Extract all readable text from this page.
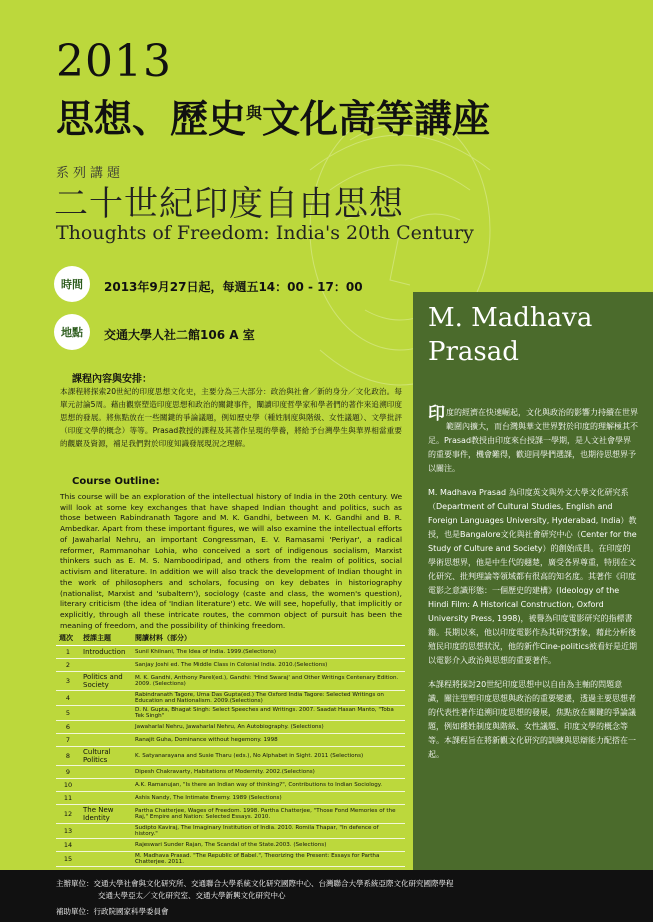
2013
思想、歷史$^與$文化高等講座
系列講題
二十世紀印度自由思想
Thoughts of Freedom: India's 20th Century
時間	2013年9月27日起，每週五14：00 - 17：00
地點	交通大學人社二館106 A 室
課程內容與安排：
本課程將探索20世紀的印度思想文化史，主要分為三大部分：政治與社會／新的身分／文化政治。每單元討論5周。藉由觀察塑造印度思想和政治的關鍵事件，闡讀印度哲學家和學者們的著作來追溯印度思想的發展。將焦點放在一些關鍵的爭論議題，例如歷史學（種姓制度與階級、女性議題）、文學批評（印度文學的概念）等等。Prasad教授的課程及其著作呈現的學養，將給予台灣學生與華界相當重要的觀嚴及資源，補足我們對於印度知識發展現況之理解。
Course Outline:
This course will be an exploration of the intellectual history of India in the 20th century. We will look at some key exchanges that have shaped Indian thought and politics, such as those between Rabindranath Tagore and M. K. Gandhi, between M. K. Gandhi and B. R. Ambedkar. Apart from these important figures, we will also examine the intellectual efforts of Jawaharlal Nehru, an important Congressman, E. V. Ramasami 'Periyar', a radical reformer, Rammanohar Lohia, who conceived a sort of indigenous socialism, Marxist thinkers such as E. M. S. Namboodiripad, and others from the realm of politics, social activism and literature. In addition we will also track the development of Indian thought in the work of philosophers and scholars, focusing on key debates in historiography (nationalist, Marxist and 'subaltern'), sociology (caste and class, the women's question), literary criticism (the idea of 'Indian literature') etc. We will see, hopefully, that implicitly or explicitly, through all these intricate routes, the common object of pursuit has been the meaning of freedom, and the possibility of thinking freedom.
週次	授課主題	閱讀材料（部分）
1	Introduction	Sunil Khilnani, The Idea of India. 1999.(Selections)
2		Sanjay Joshi ed. The Middle Class in Colonial India. 2010.(Selections)
3	Politics and Society	M. K. Gandhi, Anthony Parel(ed.), Gandhi: 'Hind Swaraj' and Other Writings Centenary Edition. 2009. (Selections)
4		Rabindranath Tagore, Uma Das Gupta(ed.) The Oxford India Tagore: Selected Writings on Education and Nationalism. 2009.(Selections)
5		D. N. Gupta, Bhagat Singh: Select Speeches and Writings. 2007. Saadat Hasan Manto, "Toba Tek Singh"
6		Jawaharlal Nehru, Jawaharlal Nehru, An Autobiography. (Selections)
7		Ranajit Guha, Dominance without hegemony. 1998
8	Cultural Politics	K. Satyanarayana and Susie Tharu (eds.), No Alphabet in Sight. 2011 (Selections)
9		Dipesh Chakravarty, Habitations of Modernity. 2002.(Selections)
10		A.K. Ramanujan, "Is there an Indian way of thinking?", Contributions to Indian Sociology.
11		Ashis Nandy, The Intimate Enemy. 1989 (Selections)
12	The New Identity	Partha Chatterjee, Wages of Freedom. 1998. Partha Chatterjee, "Those Fond Memories of the Raj," Empire and Nation: Selected Essays. 2010.
13		Sudipto Kaviraj, The Imaginary Institution of India. 2010. Romila Thapar, "In defence of history."
14		Rajeswari Sunder Rajan, The Scandal of the State.2003. (Selections)
15		M. Madhava Prasad. "The Republic of Babel.", Theorizing the Present: Essays for Partha Chatterjee. 2011.
M. Madhava Prasad

印度的經濟在快速崛起，文化與政治的影響力持續在世界範圍內擴大，而台灣與華文世界對於印度的理解極其不足。Prasad教授由印度來台授課一學期，是人文社會學界的重要事件，機會難得，歡迎同學們選課，也期待思想界予以關注。

M. Madhava Prasad 為印度英文與外文大學文化研究系（Department of Cultural Studies, English and Foreign Languages University, Hyderabad, India）教授，也是Bangalore文化與社會研究中心（Center for the Study of Culture and Society）的創始成員。在印度的學術思想界，他是中生代的翹楚，廣受各界尊重，特別在文化研究、批判理論等領域都有很高的知名度。其著作《印度電影之意識形態：一個歷史的建構》(Ideology of the Hindi Film: A Historical Construction, Oxford University Press, 1998)，被譽為印度電影研究的指標書籍。長期以來，他以印度電影作為其研究對象，藉此分析後殖民印度的思想狀況，他的新作Cine-politics被看好是近期以電影介入政治與思想的重要著作。

本課程將探討20世紀印度思想中以自由為主軸的問題意識，關注型塑印度思想與政治的重要變遷，透過主要思想者的代表性著作追溯印度思想的發展，焦點放在關鍵的爭論議題，例如種姓制度與階級、女性議題、印度文學的概念等等。本課程旨在將新觀文化研究的訓練與思辯能力配搭在一起。

主辦單位：交通大學社會與文化研究所、交通聯合大學系統文化研究國際中心、台灣聯合大學系統亞際文化研究國際學程
交通大學亞太／文化研究室、交通大學新興文化研究中心
補助單位：行政院國家科學委員會
